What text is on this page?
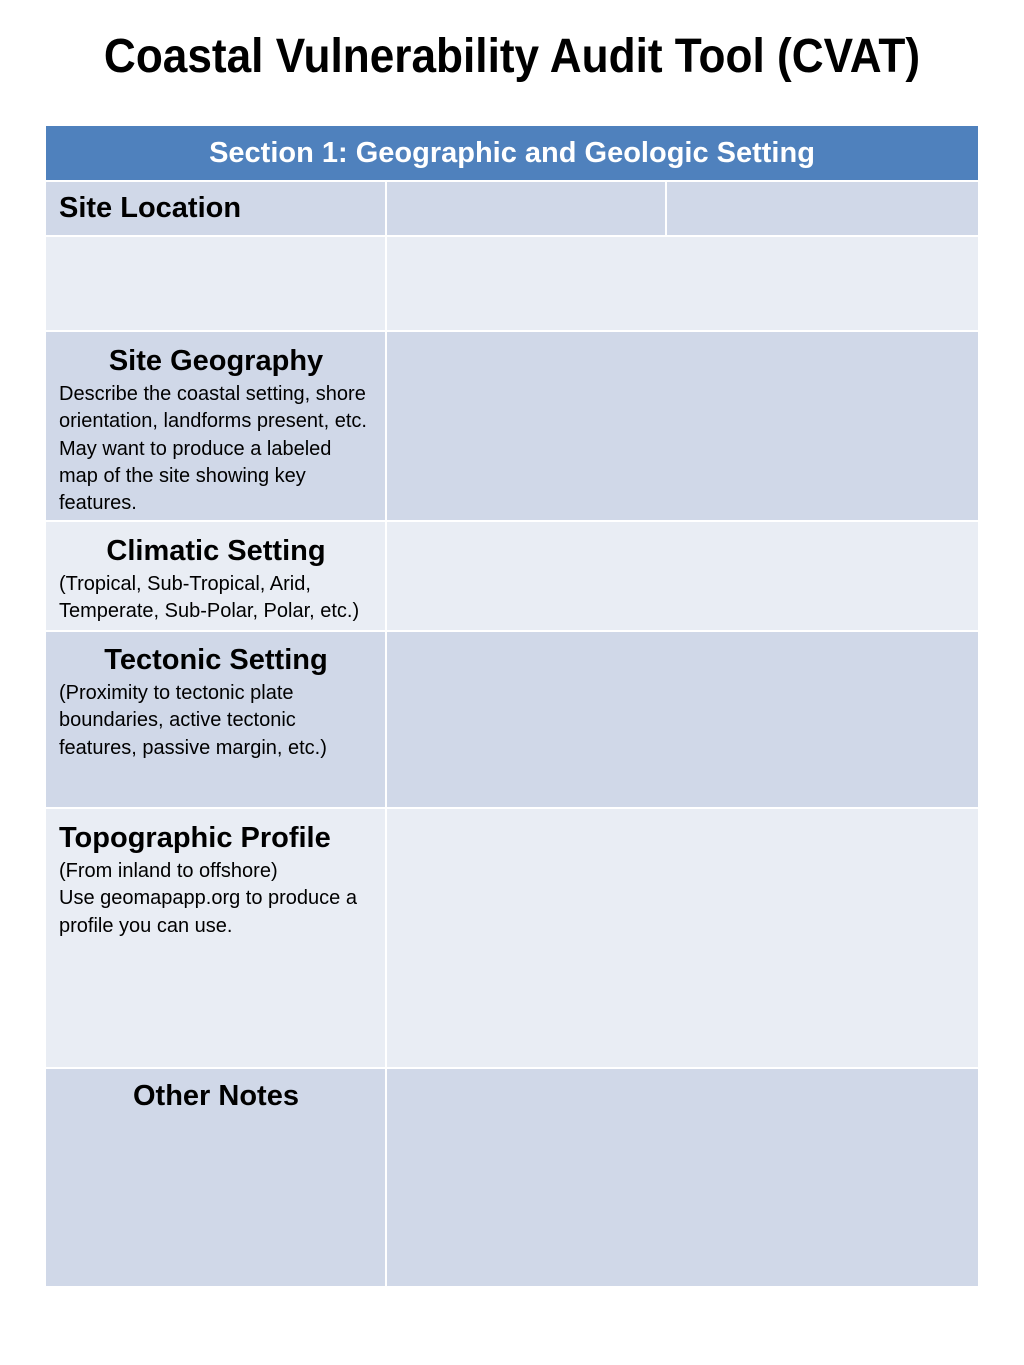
Coastal Vulnerability Audit Tool (CVAT)
Section 1: Geographic and Geologic Setting
Site Location
Site Geography
Describe the coastal setting, shore orientation, landforms present, etc. May want to produce a labeled map of the site showing key features.
Climatic Setting
(Tropical, Sub-Tropical, Arid, Temperate, Sub-Polar, Polar, etc.)
Tectonic Setting
(Proximity to tectonic plate boundaries, active tectonic features, passive margin, etc.)
Topographic Profile

(From inland to offshore)

Use geomapapp.org to produce a profile you can use.

Other Notes
